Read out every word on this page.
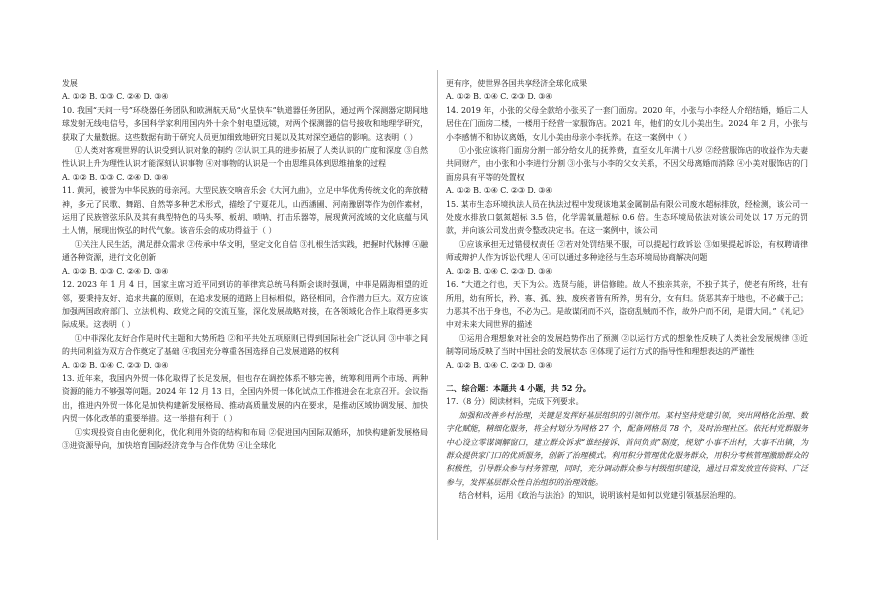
发展

A. ①② B. ①③ C. ②④ D. ③④

10. 我国“天问一号”环绕器任务团队和欧洲航天局“火星快车”轨道器任务团队，通过两个深测器定期间地球发射无线电信号，多国科学家利用国内外十余个射电望远镜，对两个探测器的信号接收和地理学研究，获取了大量数据。这些数据有助于研究人员更加细致地研究日冕以及其对深空通信的影响。这表明（ ）

①人类对客观世界的认识受到认识对象的制约 ②认识工具的进步拓展了人类认识的广度和深度 ③自然性认识上升为理性认识才能深刻认识事物 ④对事物的认识是一个由思维具体到思维抽象的过程

A. ①② B. ①③ C. ②④ D. ③④

11. 黄河，被誉为中华民族的母亲河。大型民族交响音乐会《大河九曲》，立足中华优秀传统文化的奔放精神，多元了民歌、舞蹈、自然等多种艺术形式，描绘了宁夏花儿，山西潘圃、河南豫剧等作为创作素材，运用了民族管弦乐队及其有典型特色的马头琴、板胡、唢呐、打击乐器等，展现黄河流域的文化底蕴与风土人情，展现出恢弘的时代气象。该音乐会的成功得益于（ ）

①关注人民生活，满足群众需求 ②传承中华文明，坚定文化自信 ③扎根生活实践，把握时代脉搏 ④融通各种资源，进行文化创新

A. ①② B. ①③ C. ②④ D. ③④

12. 2023 年 1 月 4 日，国家主席习近平同到访的菲律宾总统马科斯会谈时强调，中菲是隔海相望的近邻，要秉持友好、追求共赢的原则，在追求发展的道路上目标相似，路径相同，合作潜力巨大。双方应该加强两国政府部门、立法机构、政党之间的交流互鉴，深化发展战略对接，在各领域化合作上取得更多实际成果。这表明（ ）

①中菲深化友好合作是时代主题和大势所趋 ②和平共处五项原则已得到国际社会广泛认同 ③中菲之间的共同利益为双方合作奠定了基础 ④我国充分尊重各国选择自己发展道路的权利

A. ①② B. ①④ C. ②③ D. ③④

13. 近年来，我国内外贸一体化取得了长足发展，但也存在调控体系不够完善，统筹利用两个市场、两种资源的能力不够强等问题。2024 年 12 月 13 日，全国内外贸一体化试点工作推进会在北京召开。会议指出，推进内外贸一体化是加快构建新发展格局、推动高质量发展的内在要求，是推动区域协调发展、加快内贸一体化改革的重要举措。这一举措有利于（ ）

①实现投资自由化便利化，优化利用外资的结构和布局 ②促进国内国际双循环，加快构建新发展格局 ③进资源导向，加快培育国际经济竞争与合作优势 ④让全球化

更有序，使世界各国共享经济全球化成果

A. ①② B. ①④ C. ②③ D. ③④

14. 2019 年，小张的父母全款给小张买了一套门面房。2020 年，小张与小李经人介绍结婚，婚后二人居住在门面房二楼，一楼用于经营一家服饰店。2021 年，他们的女儿小美出生。2024 年 2 月，小张与小李感情不和协议离婚，女儿小美由母亲小李抚养。在这一案例中（ ）

①小张应该将门面房分割一部分给女儿的抚养费，直至女儿年满十八岁 ②经营服饰店的收益作为夫妻共同财产，由小张和小李进行分割 ③小张与小李的父女关系，不因父母离婚而消除 ④小美对服饰店的门面房具有平等的处置权

A. ①② B. ①④ C. ②③ D. ③④

15. 某市生态环境执法人员在执法过程中发现该地某金属制品有限公司废水超标排放，经检测，该公司一处废水排放口氨氮超标 3.5 倍，化学需氧量超标 0.6 倍。生态环境局依法对该公司处以 17 万元的罚款，并向该公司发出责令整改决定书。在这一案例中，该公司

①应该承担无过错侵权责任 ②若对处罚结果不服，可以提起行政诉讼 ③如果提起诉讼，有权聘请律师或辩护人作为诉讼代理人 ④可以通过多种途径与生态环境局协商解决问题

A. ①② B. ①④ C. ②③ D. ③④

16. “大道之行也，天下为公。选贤与能，讲信修睦。故人不独亲其亲，不独子其子，使老有所终，壮有所用，幼有所长，矜、寡、孤、独、废疾者皆有所养，男有分，女有归。货恶其弃于地也，不必藏于己；力恶其不出于身也，不必为己。是故谋闭而不兴，盗窃乱贼而不作，故外户而不闭，是谓大同。”《礼记》中对未来大同世界的描述

①运用合理想象对社会的发展趋势作出了预测 ②以运行方式的想象性反映了人类社会发展规律 ③近制等同场反映了当时中国社会的发展状态 ④体现了运行方式的指导性和理想表达的严谨性

A. ①② B. ①④ C. ②③ D. ③④

二、综合题：本题共 4 小题，共 52 分。

17.（8 分）阅读材料，完成下列要求。

加强和改善乡村治理，关键是发挥好基层组织的引领作用。某村坚持党建引领，突出网格化治理、数字化赋能，精细化服务，将全村划分为网格 27 个，配备网格员 78 个，及时治理社区。依托村党群服务中心设立零谋调解窗口，建立群众诉求“谁经接诉、首问负责”制度，规划“小事不出村，大事不出镇，为群众提供家门口的优质服务，创新了治理模式。利用积分管理优化服务群众，用积分考核管理激励群众的积极性，引导群众参与村务管理，同时，充分调动群众参与村级组织建设，通过日常发放宣传资料、广泛参与，发挥基层群众性自治组织的治理效能。

结合材料，运用《政治与法治》的知识，说明该村是如何以党建引领基层治理的。
